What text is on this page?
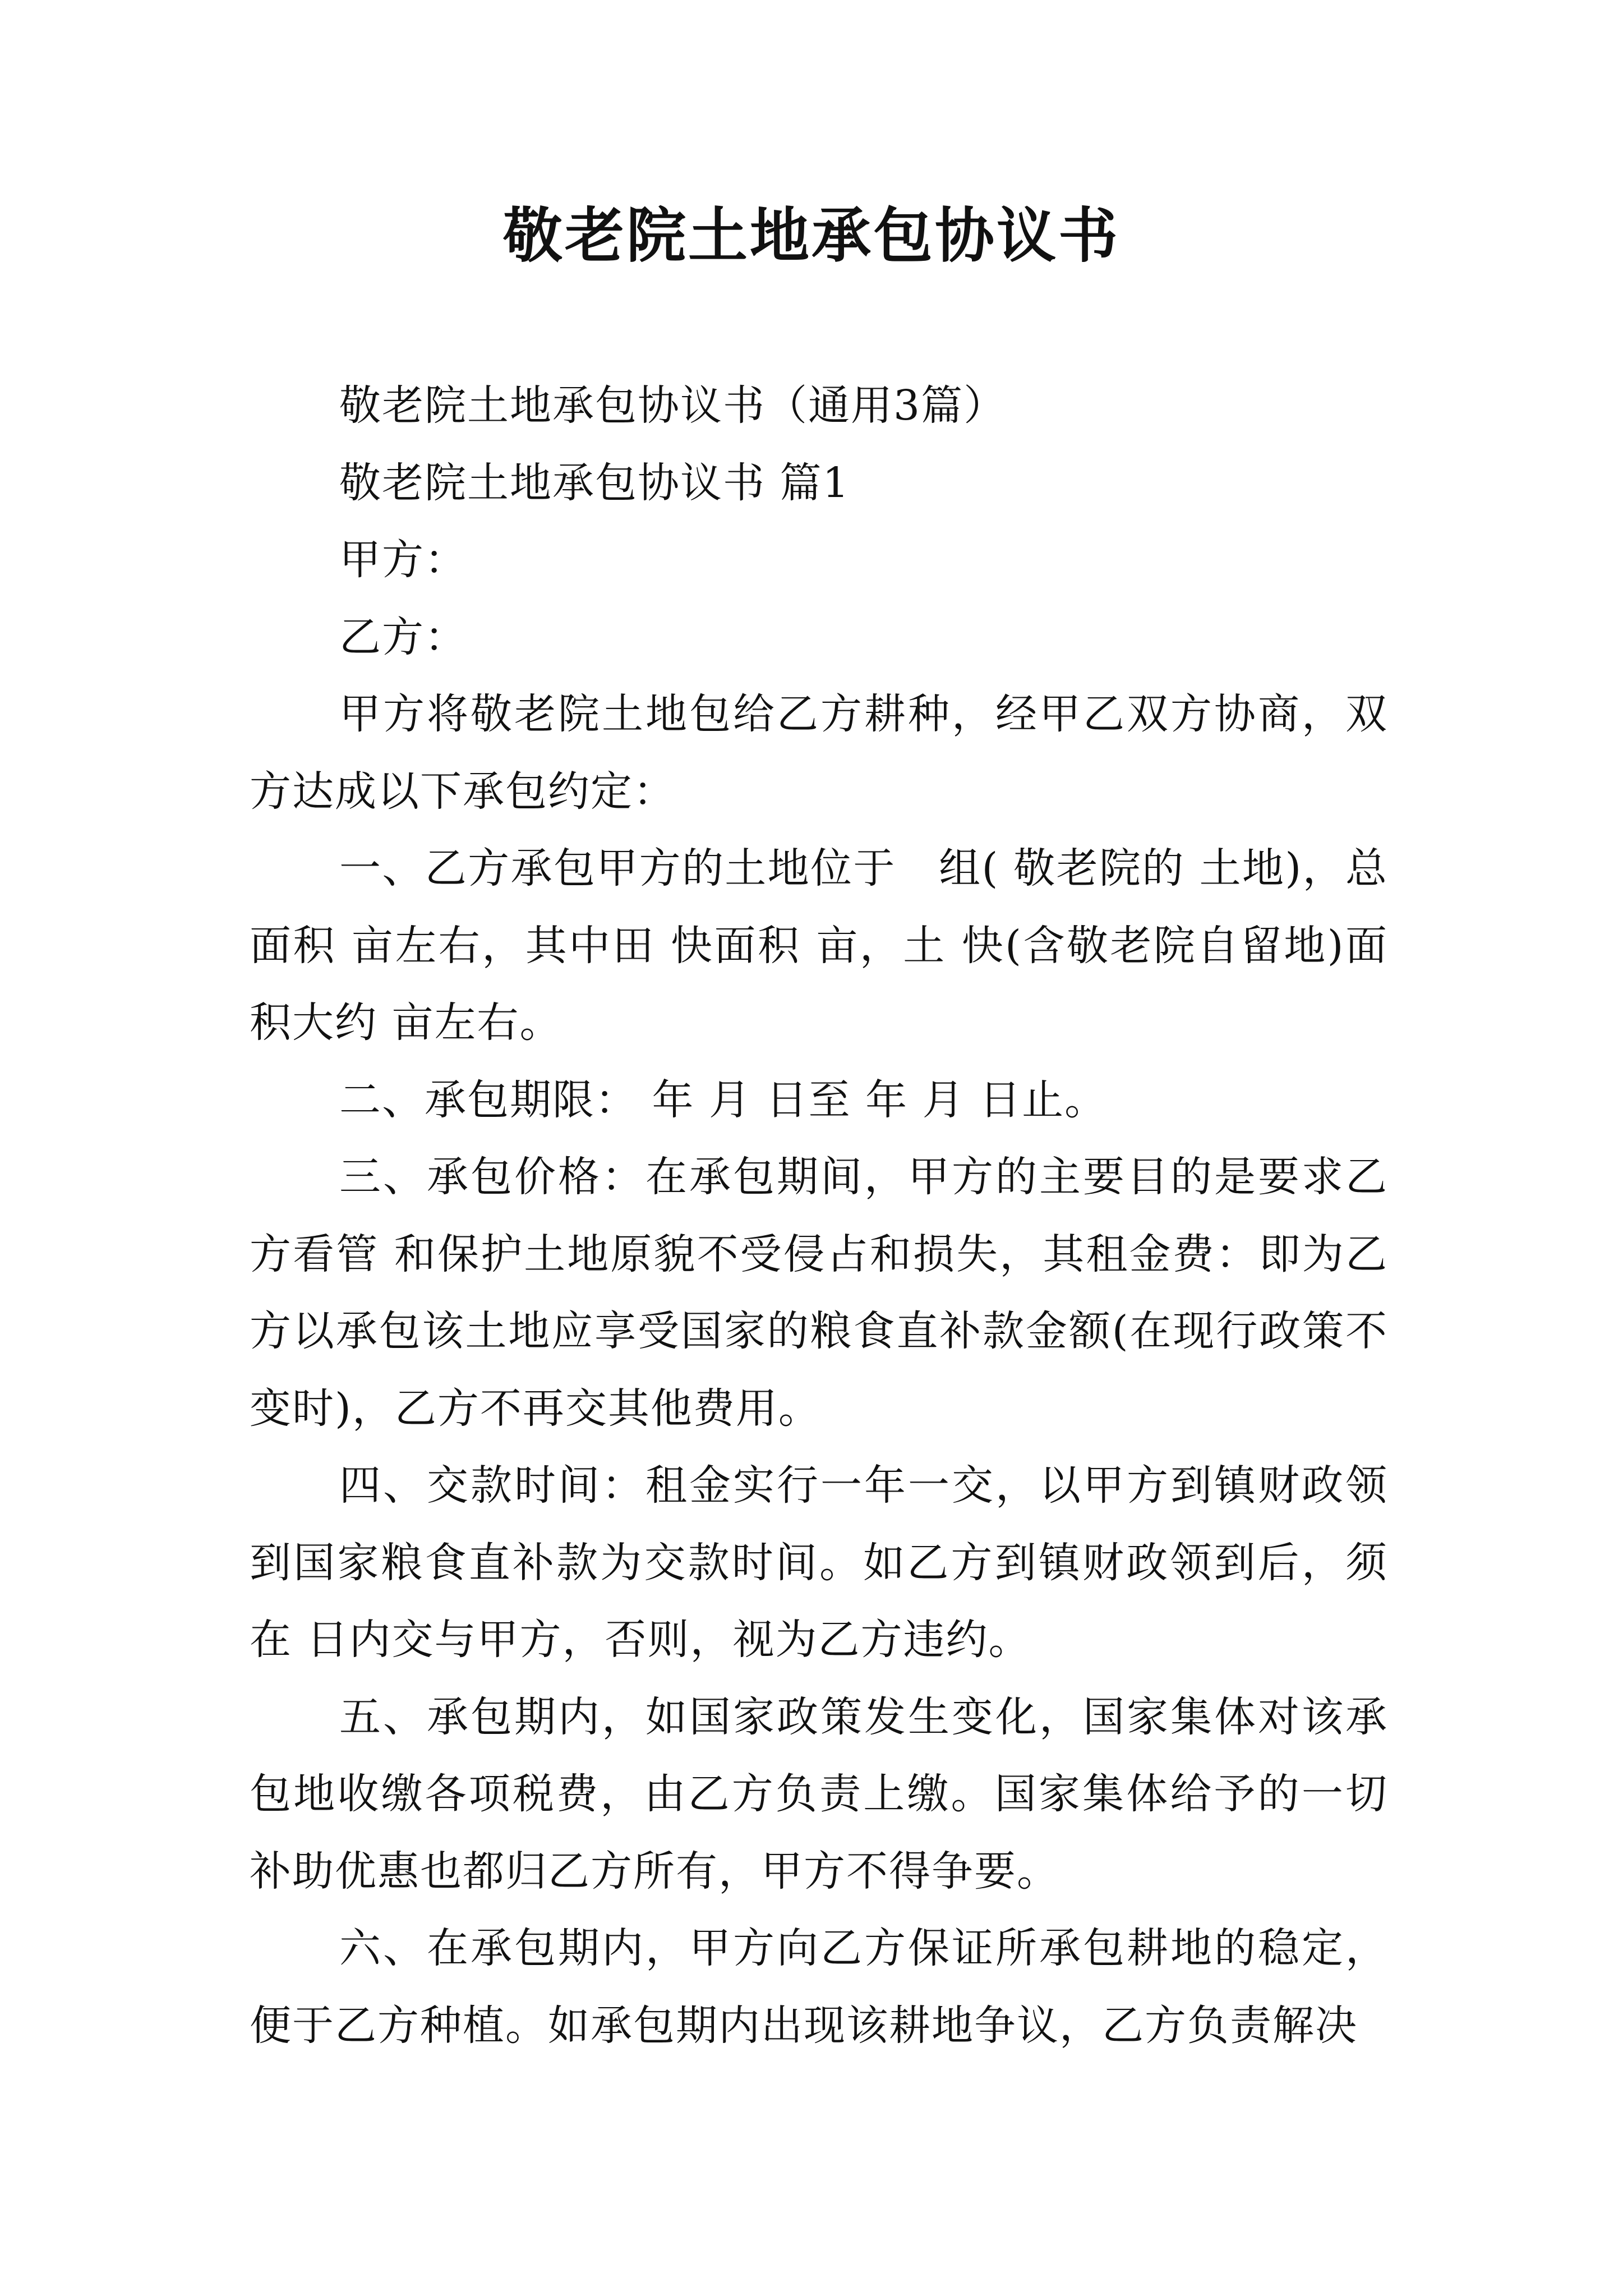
敬老院土地承包协议书

敬老院土地承包协议书（通用3篇）

敬老院土地承包协议书 篇1

甲方：

乙方：

甲方将敬老院土地包给乙方耕种，经甲乙双方协商，双方达成以下承包约定：

一、乙方承包甲方的土地位于　组( 敬老院的 土地)，总面积 亩左右，其中田 快面积 亩，土 快(含敬老院自留地)面积大约 亩左右。

二、承包期限： 年 月 日至 年 月 日止。

三、承包价格：在承包期间，甲方的主要目的是要求乙方看管 和保护土地原貌不受侵占和损失，其租金费：即为乙方以承包该土地应享受国家的粮食直补款金额(在现行政策不变时)，乙方不再交其他费用。

四、交款时间：租金实行一年一交，以甲方到镇财政领到国家粮食直补款为交款时间。如乙方到镇财政领到后，须在 日内交与甲方，否则，视为乙方违约。

五、承包期内，如国家政策发生变化，国家集体对该承包地收缴各项税费，由乙方负责上缴。国家集体给予的一切补助优惠也都归乙方所有，甲方不得争要。

六、在承包期内，甲方向乙方保证所承包耕地的稳定，便于乙方种植。如承包期内出现该耕地争议，乙方负责解决
